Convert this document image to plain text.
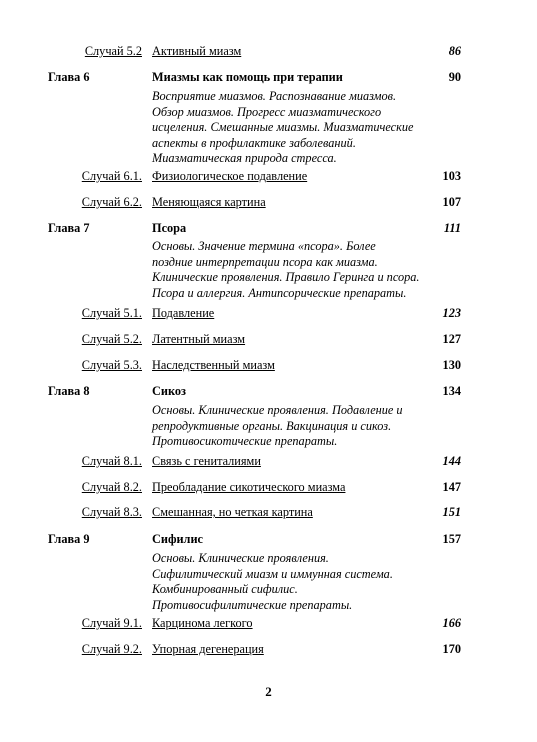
Случай 5.2 Активный миазм	86
Глава 6	Миазмы как помощь при терапии	90
Восприятие миазмов. Распознавание миазмов.
Обзор миазмов. Прогресс миазматического
исцеления. Смешанные миазмы. Миазматические
аспекты в профилактике заболеваний.
Миазматическая природа стресса.
Случай 6.1. Физиологическое подавление	103
Случай 6.2. Меняющаяся картина	107
Глава 7	Псора	111
Основы. Значение термина «псора». Более
поздние интерпретации псора как миазма.
Клинические проявления. Правило Геринга и псора.
Псора и аллергия. Антипсорические препараты.
Случай 5.1. Подавление	123
Случай 5.2. Латентный миазм	127
Случай 5.3. Наследственный миазм	130
Глава 8	Сикоз	134
Основы. Клинические проявления. Подавление и
репродуктивные органы. Вакцинация и сикоз.
Противосикотические препараты.
Случай 8.1. Связь с гениталиями	144
Случай 8.2. Преобладание сикотического миазма	147
Случай 8.3. Смешанная, но четкая картина	151
Глава 9	Сифилис	157
Основы. Клинические проявления.
Сифилитический миазм и иммунная система.
Комбинированный сифилис.
Противосифилитические препараты.
Случай 9.1. Карцинома легкого	166
Случай 9.2. Упорная дегенерация	170
2
